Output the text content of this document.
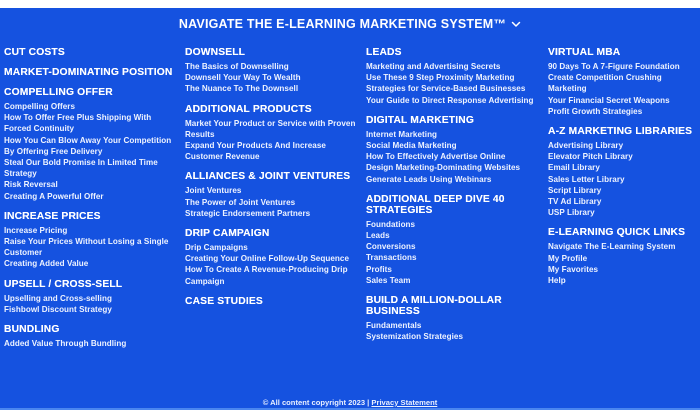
NAVIGATE THE E-LEARNING MARKETING SYSTEM™
CUT COSTS
MARKET-DOMINATING POSITION
COMPELLING OFFER
Compelling Offers
How To Offer Free Plus Shipping With Forced Continuity
How You Can Blow Away Your Competition By Offering Free Delivery
Steal Our Bold Promise In Limited Time Strategy
Risk Reversal
Creating A Powerful Offer
INCREASE PRICES
Increase Pricing
Raise Your Prices Without Losing a Single Customer
Creating Added Value
UPSELL / CROSS-SELL
Upselling and Cross-selling
Fishbowl Discount Strategy
BUNDLING
Added Value Through Bundling
DOWNSELL
The Basics of Downselling
Downsell Your Way To Wealth
The Nuance To The Downsell
ADDITIONAL PRODUCTS
Market Your Product or Service with Proven Results
Expand Your Products And Increase Customer Revenue
ALLIANCES & JOINT VENTURES
Joint Ventures
The Power of Joint Ventures
Strategic Endorsement Partners
DRIP CAMPAIGN
Drip Campaigns
Creating Your Online Follow-Up Sequence
How To Create A Revenue-Producing Drip Campaign
CASE STUDIES
LEADS
Marketing and Advertising Secrets
Use These 9 Step Proximity Marketing Strategies for Service-Based Businesses
Your Guide to Direct Response Advertising
DIGITAL MARKETING
Internet Marketing
Social Media Marketing
How To Effectively Advertise Online
Design Marketing-Dominating Websites
Generate Leads Using Webinars
ADDITIONAL DEEP DIVE 40 STRATEGIES
Foundations
Leads
Conversions
Transactions
Profits
Sales Team
BUILD A MILLION-DOLLAR BUSINESS
Fundamentals
Systemization Strategies
VIRTUAL MBA
90 Days To A 7-Figure Foundation
Create Competition Crushing Marketing
Your Financial Secret Weapons
Profit Growth Strategies
A-Z MARKETING LIBRARIES
Advertising Library
Elevator Pitch Library
Email Library
Sales Letter Library
Script Library
TV Ad Library
USP Library
E-LEARNING QUICK LINKS
Navigate The E-Learning System
My Profile
My Favorites
Help
© All content copyright 2023 | Privacy Statement
